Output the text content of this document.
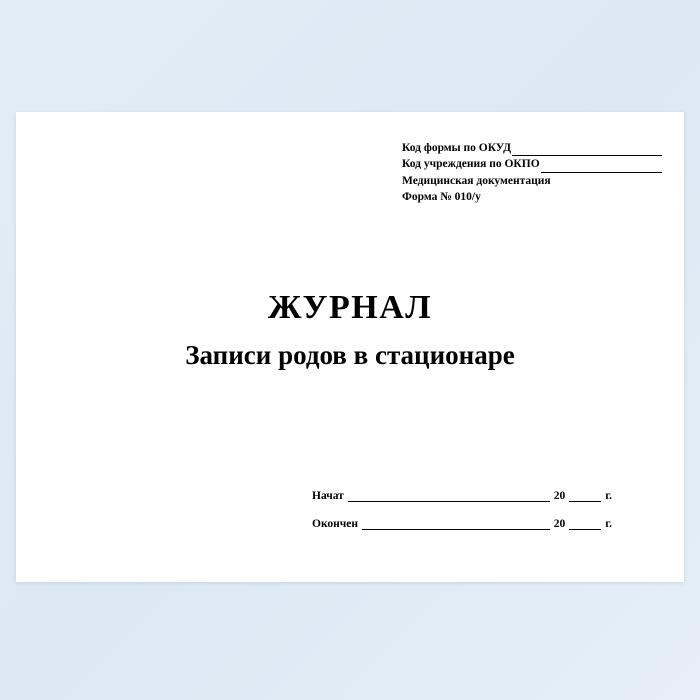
Код формы по ОКУД
Код учреждения по ОКПО
Медицинская документация
Форма № 010/у
ЖУРНАЛ
Записи родов в стационаре
Начат	20	г.
Окончен	20	г.
